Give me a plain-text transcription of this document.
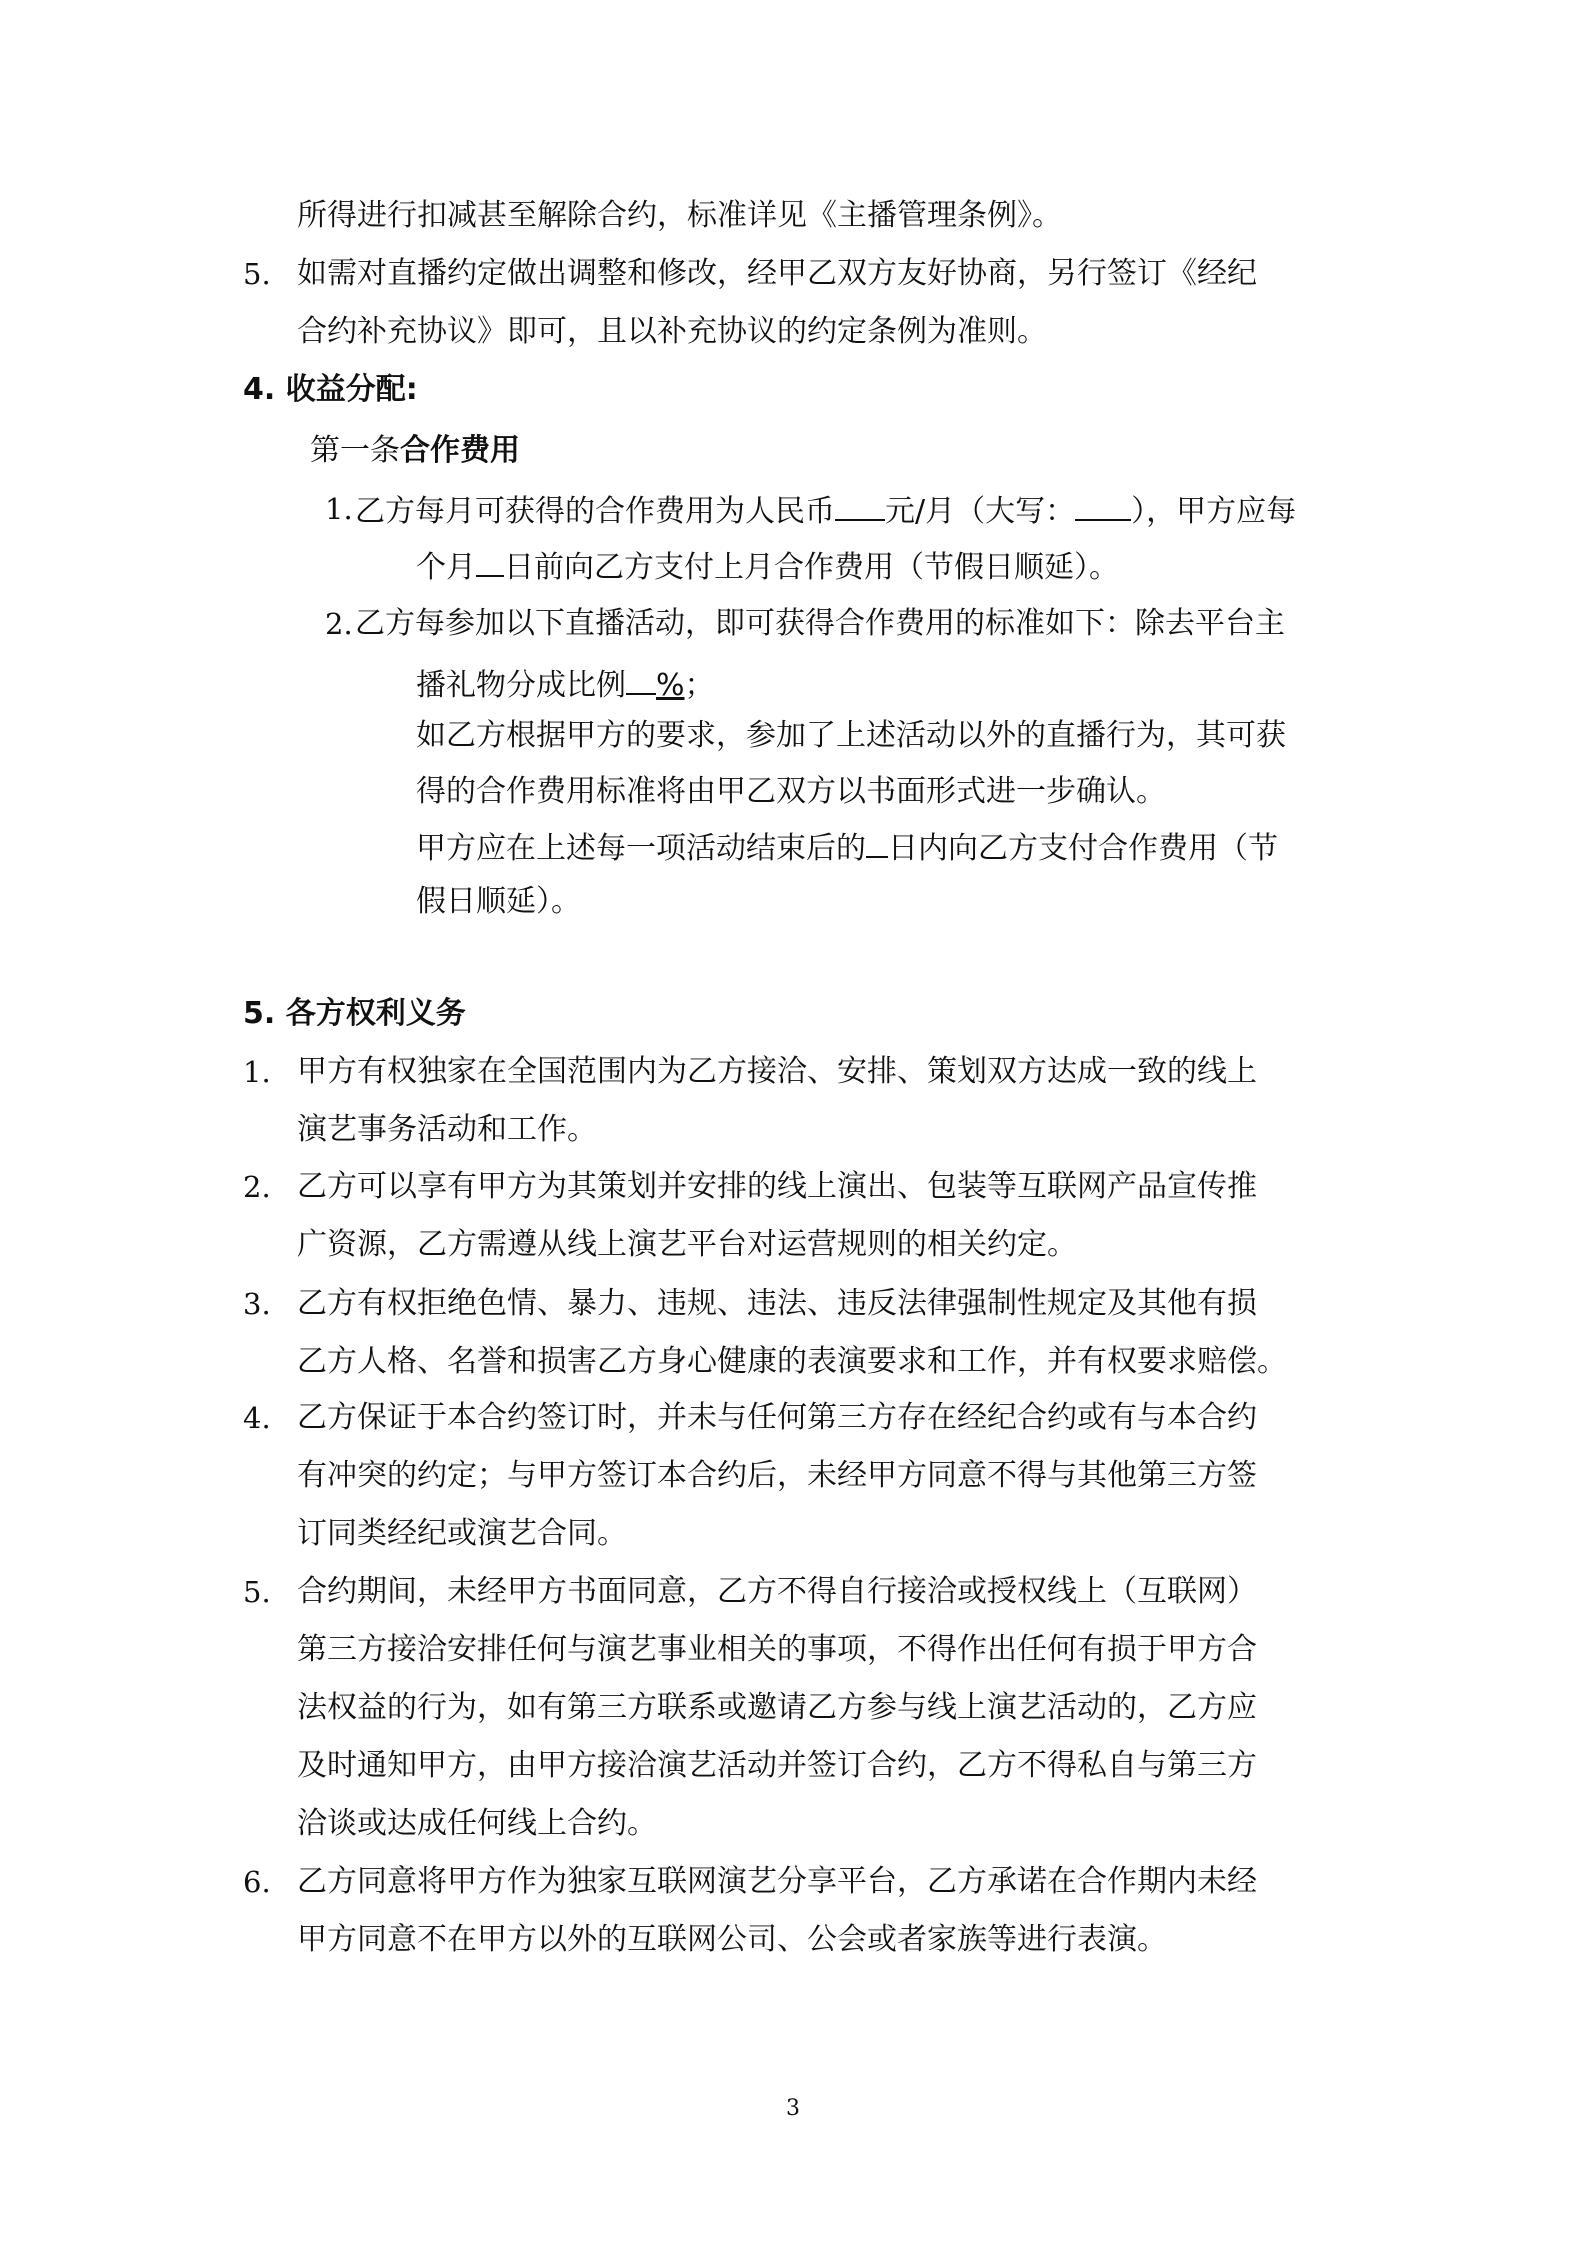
所得进行扣减甚至解除合约，标准详见《主播管理条例》。
5. 如需对直播约定做出调整和修改，经甲乙双方友好协商，另行签订《经纪
合约补充协议》即可，且以补充协议的约定条例为准则。
4. 收益分配:
第一条合作费用
1. 乙方每月可获得的合作费用为人民币 元/月（大写： ），甲方应每
个月 日前向乙方支付上月合作费用（节假日顺延）。
2. 乙方每参加以下直播活动，即可获得合作费用的标准如下：除去平台主
播礼物分成比例 %；
如乙方根据甲方的要求，参加了上述活动以外的直播行为，其可获
得的合作费用标准将由甲乙双方以书面形式进一步确认。
甲方应在上述每一项活动结束后的 日内向乙方支付合作费用（节
假日顺延）。
5. 各方权利义务
1. 甲方有权独家在全国范围内为乙方接洽、安排、策划双方达成一致的线上
演艺事务活动和工作。
2. 乙方可以享有甲方为其策划并安排的线上演出、包装等互联网产品宣传推
广资源，乙方需遵从线上演艺平台对运营规则的相关约定。
3. 乙方有权拒绝色情、暴力、违规、违法、违反法律强制性规定及其他有损
乙方人格、名誉和损害乙方身心健康的表演要求和工作，并有权要求赔偿。
4. 乙方保证于本合约签订时，并未与任何第三方存在经纪合约或有与本合约
有冲突的约定；与甲方签订本合约后，未经甲方同意不得与其他第三方签
订同类经纪或演艺合同。
5. 合约期间，未经甲方书面同意，乙方不得自行接洽或授权线上（互联网）
第三方接洽安排任何与演艺事业相关的事项，不得作出任何有损于甲方合
法权益的行为，如有第三方联系或邀请乙方参与线上演艺活动的，乙方应
及时通知甲方，由甲方接洽演艺活动并签订合约，乙方不得私自与第三方
洽谈或达成任何线上合约。
6. 乙方同意将甲方作为独家互联网演艺分享平台，乙方承诺在合作期内未经
甲方同意不在甲方以外的互联网公司、公会或者家族等进行表演。
3
